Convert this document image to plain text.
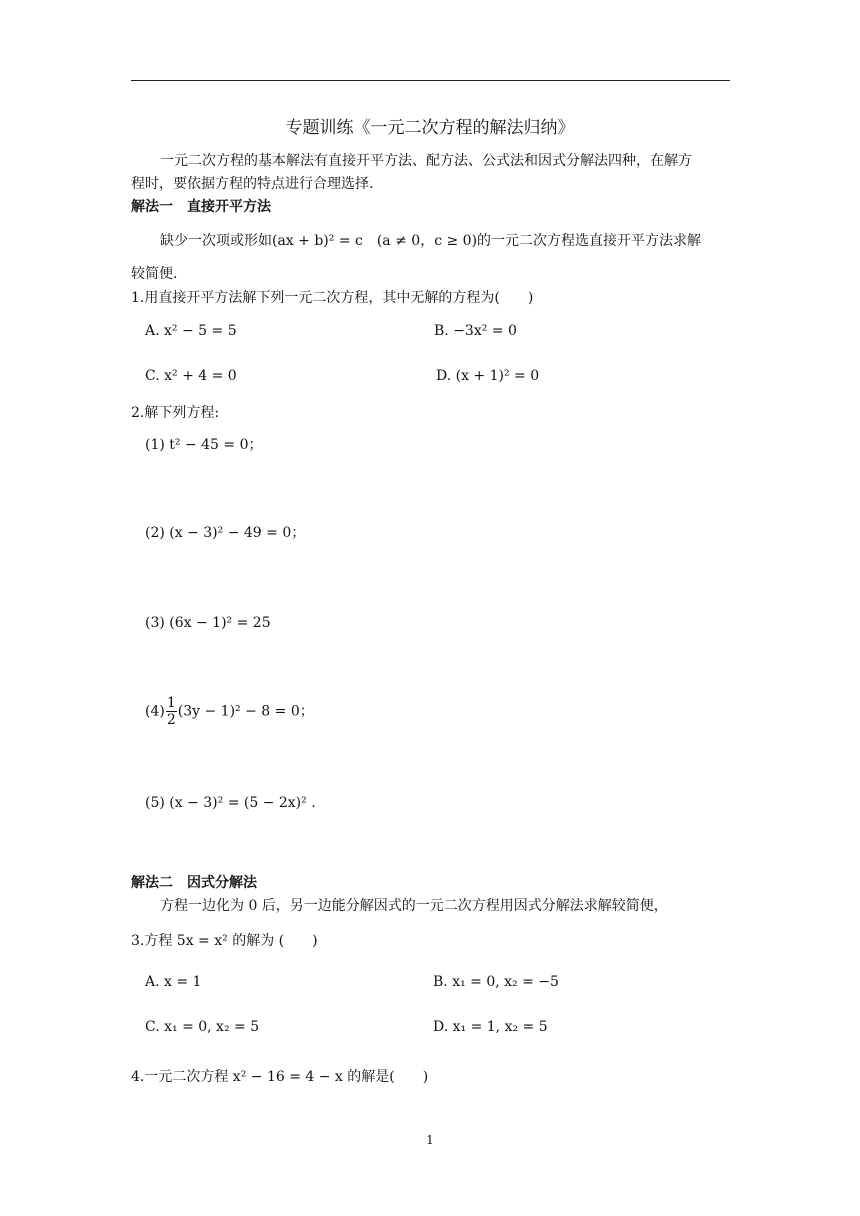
专题训练《一元二次方程的解法归纳》
一元二次方程的基本解法有直接开平方法、配方法、公式法和因式分解法四种，在解方
程时，要依据方程的特点进行合理选择.
解法一　直接开平方法
缺少一次项或形如(ax + b)² = c　(a ≠ 0，c ≥ 0)的一元二次方程选直接开平方法求解
较简便.
1.用直接开平方法解下列一元二次方程，其中无解的方程为(　　)
A. x² − 5 = 5	B. −3x² = 0
C. x² + 4 = 0	D. (x + 1)² = 0
2.解下列方程:
(1) t² − 45 = 0；
(2) (x − 3)² − 49 = 0；
(3) (6x − 1)² = 25
$(4) \frac{1}{2} (3y - 1)^2 - 8 = 0$；
(5) (x − 3)² = (5 − 2x)² .
解法二　因式分解法
方程一边化为 0 后，另一边能分解因式的一元二次方程用因式分解法求解较简便，
3.方程 5x = x² 的解为 (　　)
A. x = 1	B. x₁ = 0, x₂ = −5
C. x₁ = 0, x₂ = 5	D. x₁ = 1, x₂ = 5
4.一元二次方程 x² − 16 = 4 − x 的解是(　　)
1
